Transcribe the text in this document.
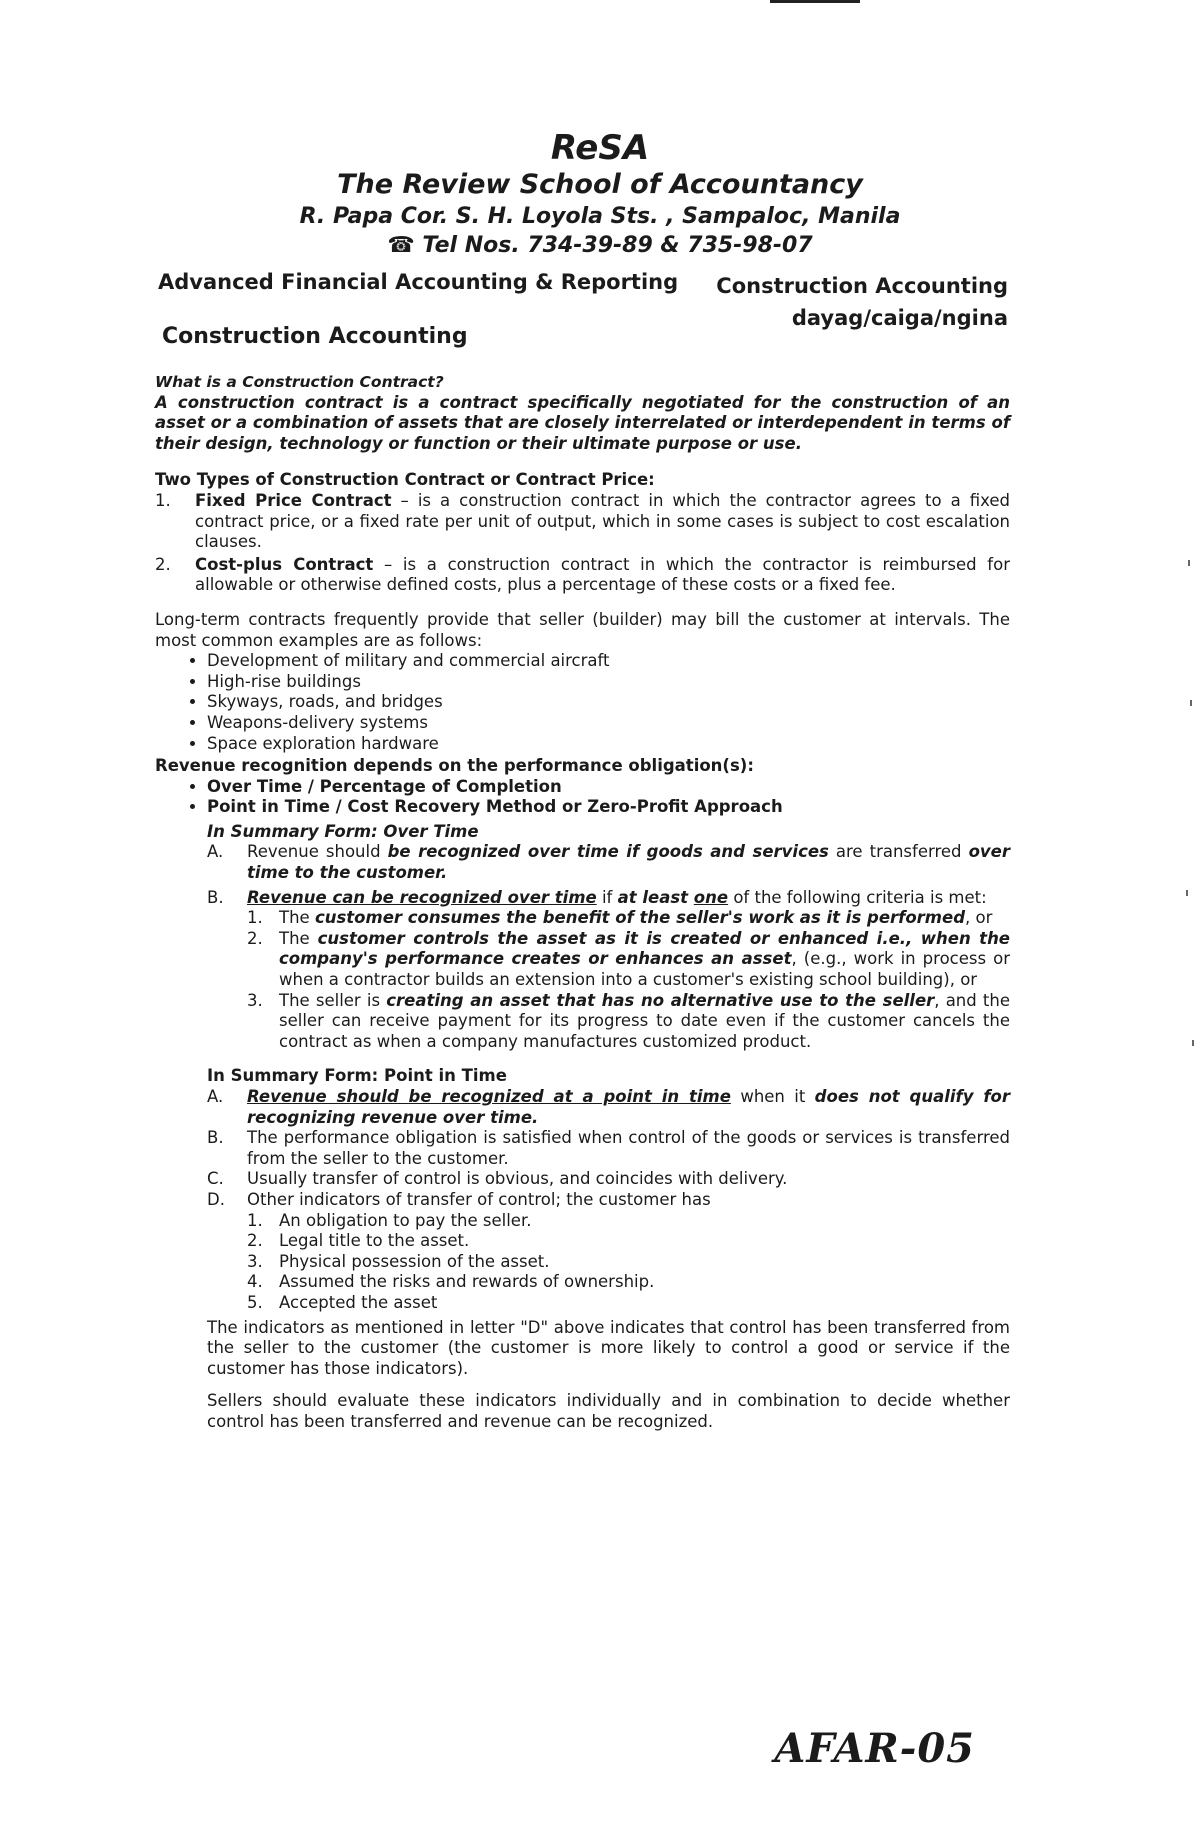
ReSA
The Review School of Accountancy
R. Papa Cor. S. H. Loyola Sts. , Sampaloc, Manila
☎ Tel Nos. 734-39-89 & 735-98-07
Advanced Financial Accounting & Reporting Construction Accounting
dayag/caiga/ngina
Construction Accounting
What is a Construction Contract?
A construction contract is a contract specifically negotiated for the construction of an asset or a combination of assets that are closely interrelated or interdependent in terms of their design, technology or function or their ultimate purpose or use.
Two Types of Construction Contract or Contract Price:
1.	Fixed Price Contract – is a construction contract in which the contractor agrees to a fixed contract price, or a fixed rate per unit of output, which in some cases is subject to cost escalation clauses.
2.	Cost-plus Contract – is a construction contract in which the contractor is reimbursed for allowable or otherwise defined costs, plus a percentage of these costs or a fixed fee.
Long-term contracts frequently provide that seller (builder) may bill the customer at intervals. The most common examples are as follows:
• Development of military and commercial aircraft
• High-rise buildings
• Skyways, roads, and bridges
• Weapons-delivery systems
• Space exploration hardware
Revenue recognition depends on the performance obligation(s):
• Over Time / Percentage of Completion
• Point in Time / Cost Recovery Method or Zero-Profit Approach
In Summary Form: Over Time
A.	Revenue should be recognized over time if goods and services are transferred over time to the customer.
B.	Revenue can be recognized over time if at least one of the following criteria is met:
1. The customer consumes the benefit of the seller's work as it is performed, or
2. The customer controls the asset as it is created or enhanced i.e., when the company's performance creates or enhances an asset, (e.g., work in process or when a contractor builds an extension into a customer's existing school building), or
3. The seller is creating an asset that has no alternative use to the seller, and the seller can receive payment for its progress to date even if the customer cancels the contract as when a company manufactures customized product.
In Summary Form: Point in Time
A.	Revenue should be recognized at a point in time when it does not qualify for recognizing revenue over time.
B.	The performance obligation is satisfied when control of the goods or services is transferred from the seller to the customer.
C.	Usually transfer of control is obvious, and coincides with delivery.
D.	Other indicators of transfer of control; the customer has
1. An obligation to pay the seller.
2. Legal title to the asset.
3. Physical possession of the asset.
4. Assumed the risks and rewards of ownership.
5. Accepted the asset
The indicators as mentioned in letter "D" above indicates that control has been transferred from the seller to the customer (the customer is more likely to control a good or service if the customer has those indicators).
Sellers should evaluate these indicators individually and in combination to decide whether control has been transferred and revenue can be recognized.
AFAR-05
